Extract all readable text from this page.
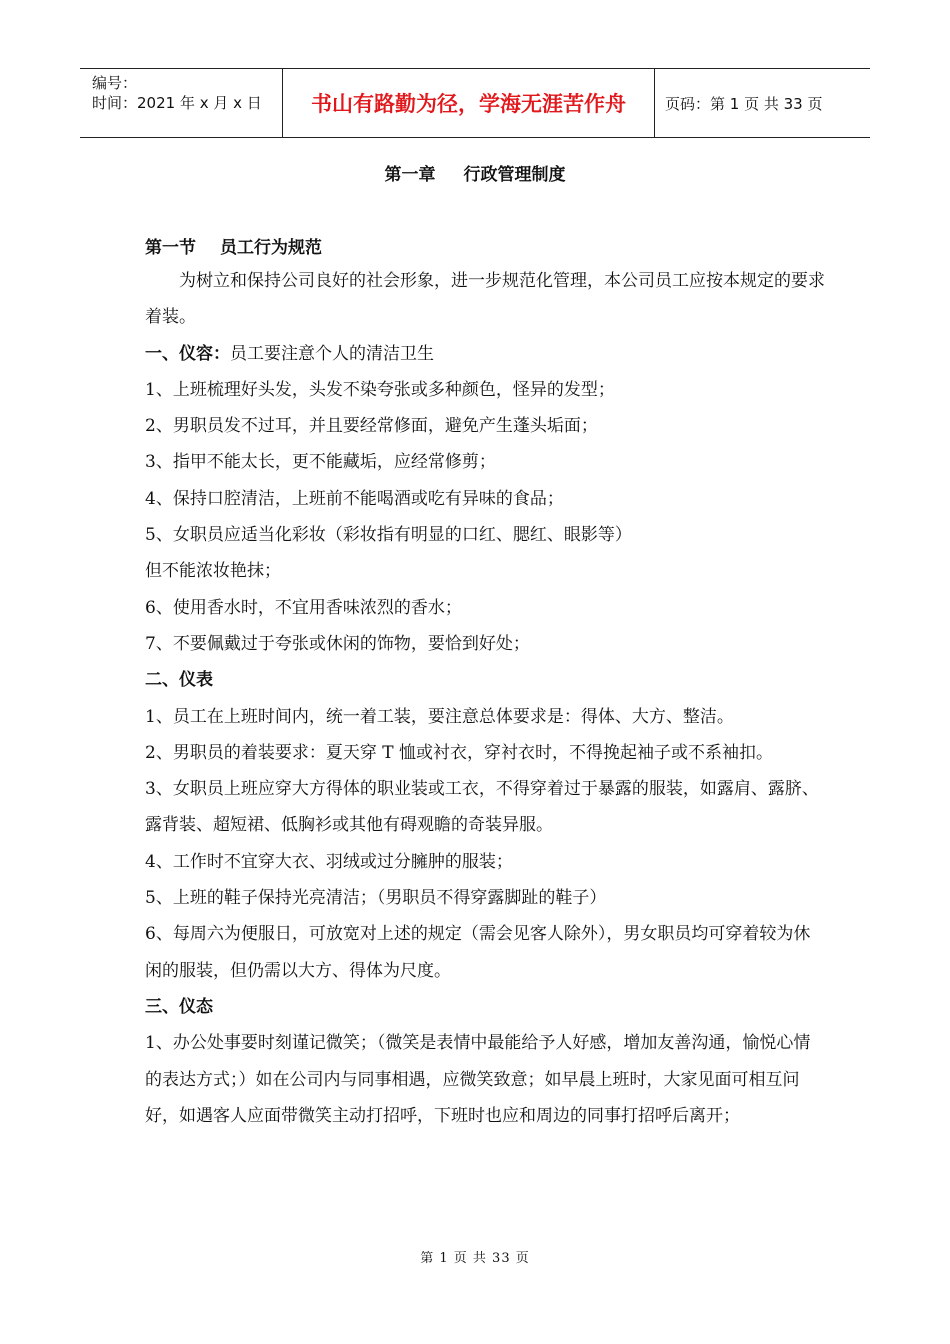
编号：
时间：2021 年 x 月 x 日	书山有路勤为径，学海无涯苦作舟	页码：第 1 页 共 33 页
第一章 行政管理制度
第一节 员工行为规范

为树立和保持公司良好的社会形象，进一步规范化管理，本公司员工应按本规定的要求着装。

一、仪容：员工要注意个人的清洁卫生

1、上班梳理好头发，头发不染夸张或多种颜色，怪异的发型；

2、男职员发不过耳，并且要经常修面，避免产生蓬头垢面；

3、指甲不能太长，更不能藏垢，应经常修剪；

4、保持口腔清洁，上班前不能喝酒或吃有异味的食品；

5、女职员应适当化彩妆（彩妆指有明显的口红、腮红、眼影等）

但不能浓妆艳抹；

6、使用香水时，不宜用香味浓烈的香水；

7、不要佩戴过于夸张或休闲的饰物，要恰到好处；

二、仪表

1、员工在上班时间内，统一着工装，要注意总体要求是：得体、大方、整洁。

2、男职员的着装要求：夏天穿 T 恤或衬衣，穿衬衣时，不得挽起袖子或不系袖扣。

3、女职员上班应穿大方得体的职业装或工衣，不得穿着过于暴露的服装，如露肩、露脐、露背装、超短裙、低胸衫或其他有碍观瞻的奇装异服。

4、工作时不宜穿大衣、羽绒或过分臃肿的服装；

5、上班的鞋子保持光亮清洁；（男职员不得穿露脚趾的鞋子）

6、每周六为便服日，可放宽对上述的规定（需会见客人除外），男女职员均可穿着较为休闲的服装，但仍需以大方、得体为尺度。

三、仪态

1、办公处事要时刻谨记微笑；（微笑是表情中最能给予人好感，增加友善沟通，愉悦心情的表达方式；）如在公司内与同事相遇，应微笑致意；如早晨上班时，大家见面可相互问好，如遇客人应面带微笑主动打招呼，下班时也应和周边的同事打招呼后离开；

第 1 页 共 33 页
